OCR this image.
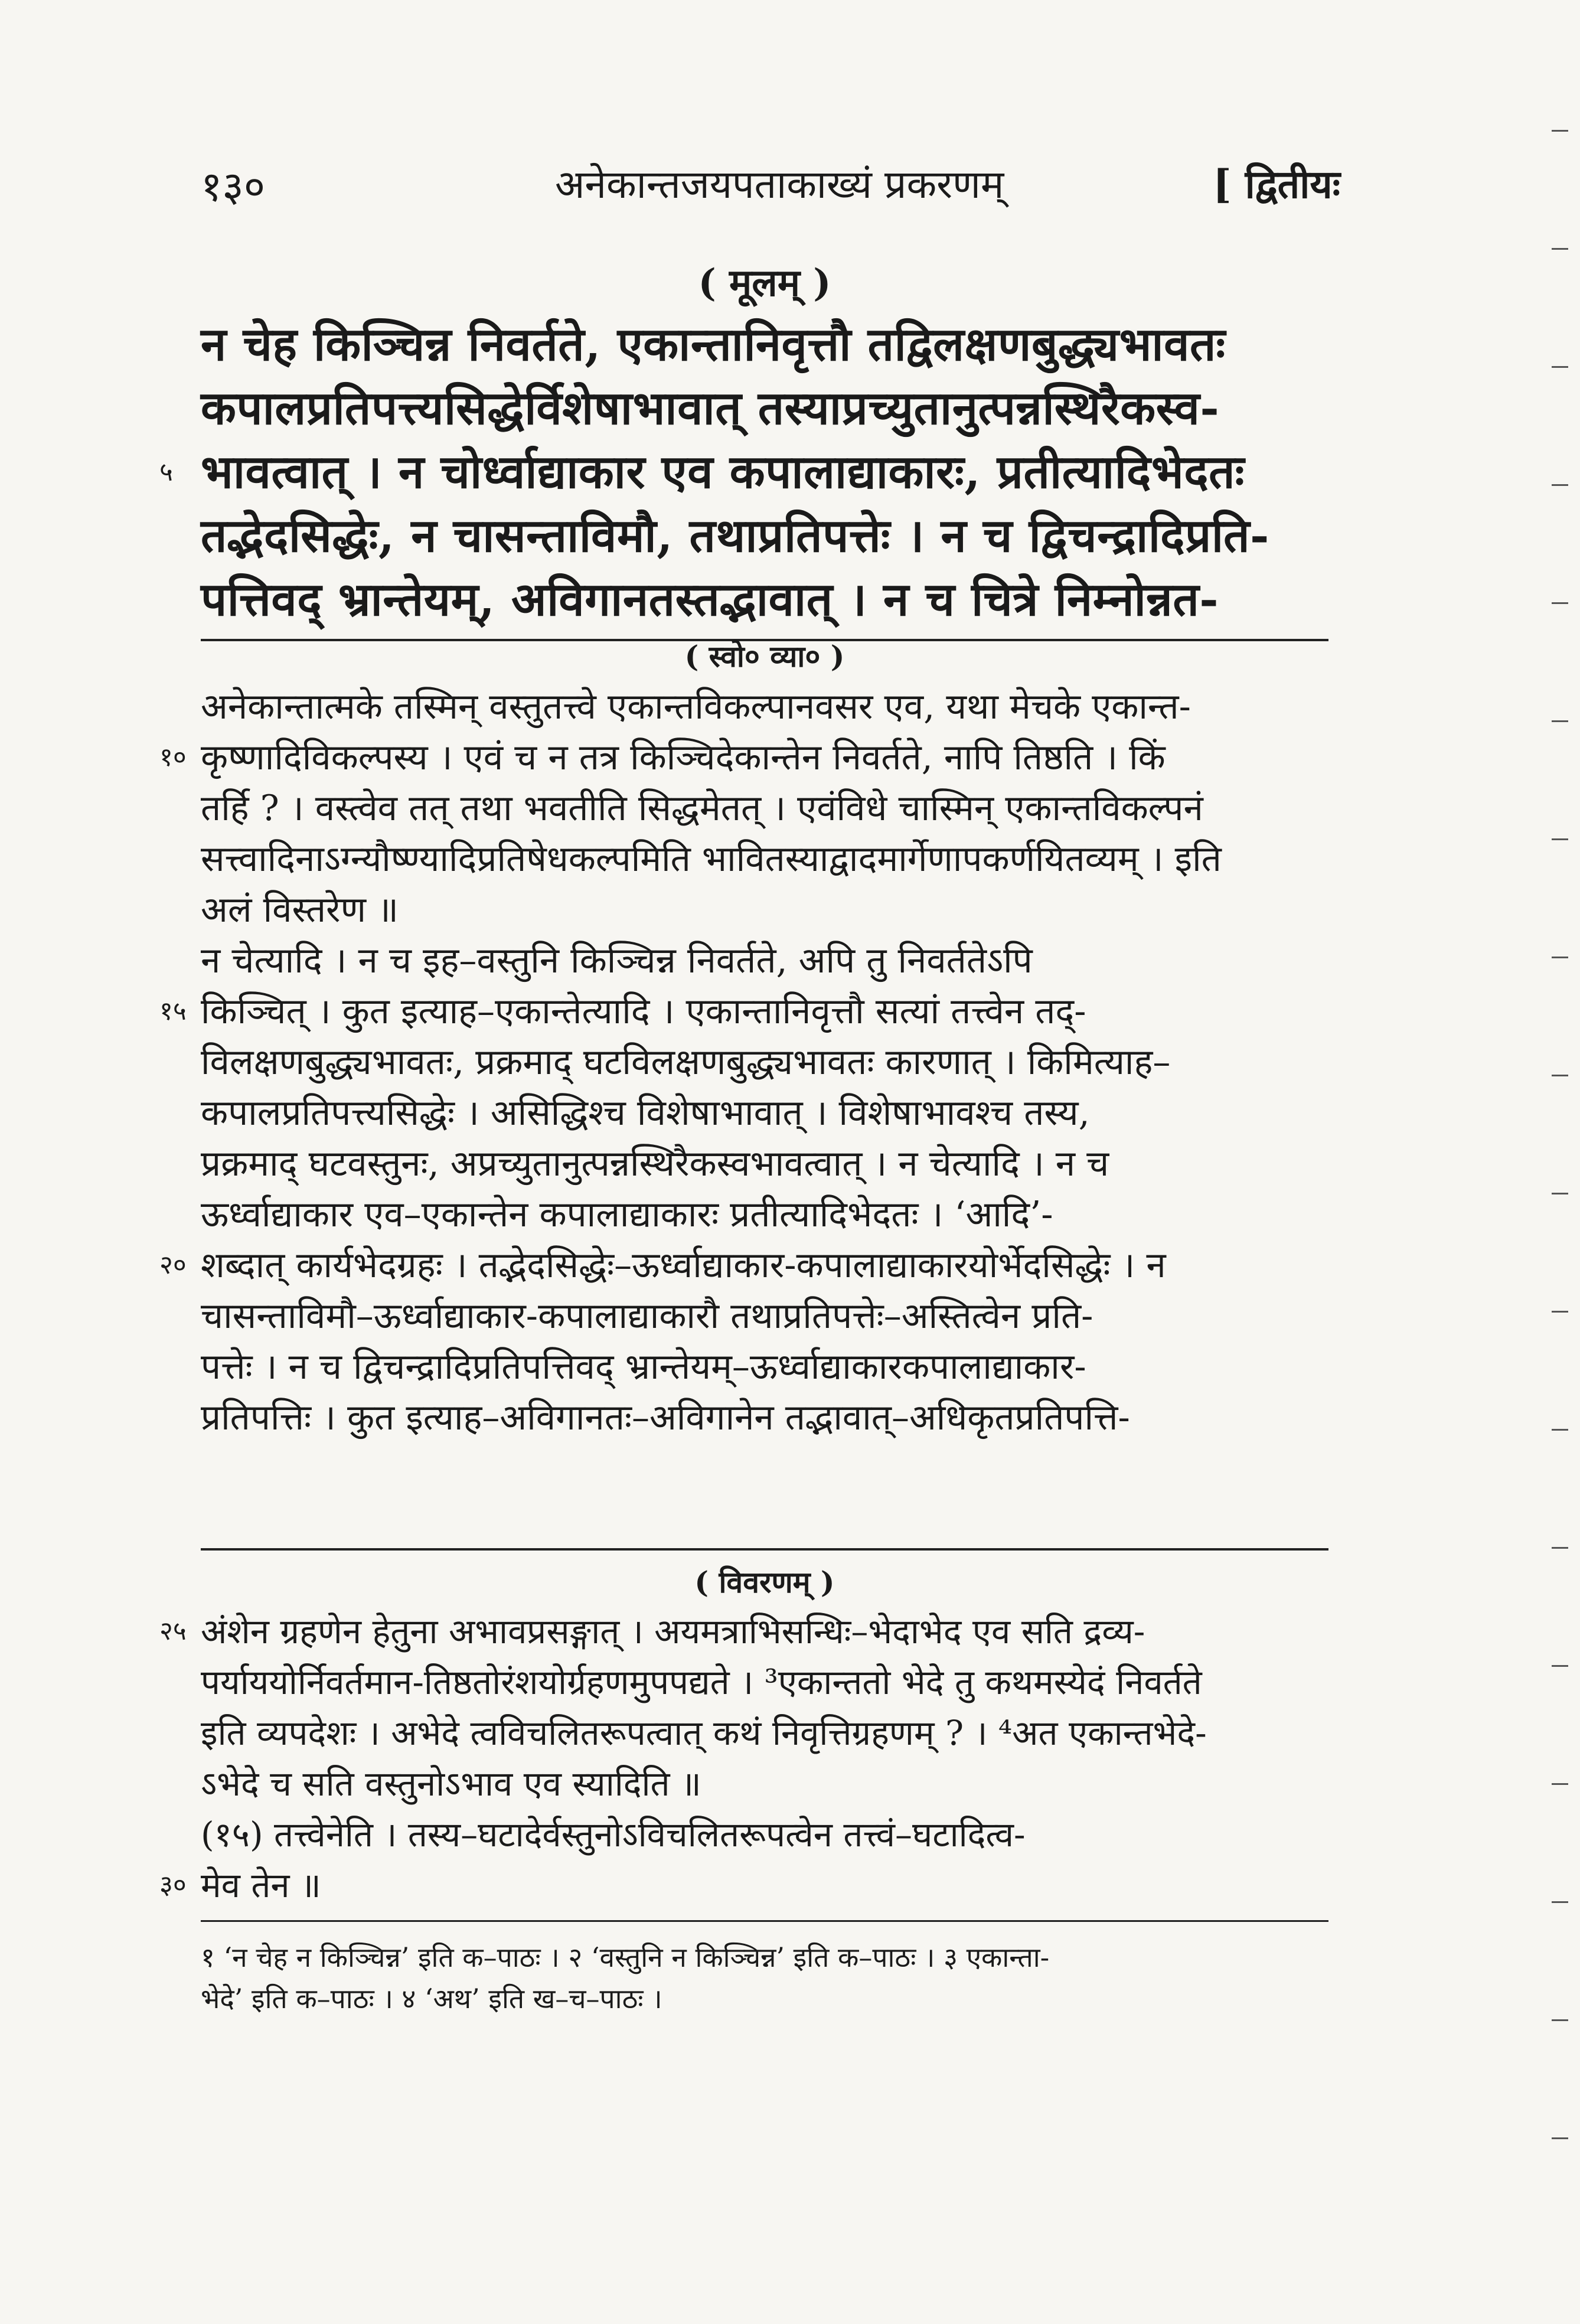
१३०	अनेकान्तजयपताकाख्यं प्रकरणम्	[ द्वितीयः
( मूलम् )
न चेह किञ्चिन्न निवर्तते, एकान्तानिवृत्तौ तद्विलक्षणबुद्ध्यभावतः
कपालप्रतिपत्त्यसिद्धेर्विशेषाभावात् तस्याप्रच्युतानुत्पन्नस्थिरैकस्व-
५ भावत्वात् । न चोर्ध्वाद्याकार एव कपालाद्याकारः, प्रतीत्यादिभेदतः
तद्भेदसिद्धेः, न चासन्ताविमौ, तथाप्रतिपत्तेः । न च द्विचन्द्रादिप्रति-
पत्तिवद् भ्रान्तेयम्, अविगानतस्तद्भावात् । न च चित्रे निम्नोन्नत-
( स्वो० व्या० )
अनेकान्तात्मके तस्मिन् वस्तुतत्त्वे एकान्तविकल्पानवसर एव, यथा मेचके एकान्त-
१० कृष्णादिविकल्पस्य । एवं च न तत्र किञ्चिदेकान्तेन निवर्तते, नापि तिष्ठति । किं
तर्हि ? । वस्त्वेव तत् तथा भवतीति सिद्धमेतत् । एवंविधे चास्मिन् एकान्तविकल्पनं
सत्त्वादिनाऽग्न्यौष्ण्यादिप्रतिषेधकल्पमिति भावितस्याद्वादमार्गेणापकर्णयितव्यम् । इति
अलं विस्तरेण ॥
न चेत्यादि । न च इह–वस्तुनि किञ्चिन्न निवर्तते, अपि तु निवर्ततेऽपि
१५ किञ्चित् । कुत इत्याह–एकान्तेत्यादि । एकान्तानिवृत्तौ सत्यां तत्त्वेन तद्-
विलक्षणबुद्ध्यभावतः, प्रक्रमाद् घटविलक्षणबुद्ध्यभावतः कारणात् । किमित्याह–
कपालप्रतिपत्त्यसिद्धेः । असिद्धिश्च विशेषाभावात् । विशेषाभावश्च तस्य,
प्रक्रमाद् घटवस्तुनः, अप्रच्युतानुत्पन्नस्थिरैकस्वभावत्वात् । न चेत्यादि । न च
ऊर्ध्वाद्याकार एव–एकान्तेन कपालाद्याकारः प्रतीत्यादिभेदतः । ‘आदि’-
२० शब्दात् कार्यभेदग्रहः । तद्भेदसिद्धेः–ऊर्ध्वाद्याकार-कपालाद्याकारयोर्भेदसिद्धेः । न
चासन्ताविमौ–ऊर्ध्वाद्याकार-कपालाद्याकारौ तथाप्रतिपत्तेः–अस्तित्वेन प्रति-
पत्तेः । न च द्विचन्द्रादिप्रतिपत्तिवद् भ्रान्तेयम्–ऊर्ध्वाद्याकारकपालाद्याकार-
प्रतिपत्तिः । कुत इत्याह–अविगानतः–अविगानेन तद्भावात्–अधिकृतप्रतिपत्ति-
( विवरणम् )
२५ अंशेन ग्रहणेन हेतुना अभावप्रसङ्गात् । अयमत्राभिसन्धिः–भेदाभेद एव सति द्रव्य-
पर्याययोर्निवर्तमान-तिष्ठतोरंशयोर्ग्रहणमुपपद्यते । ³एकान्ततो भेदे तु कथमस्येदं निवर्तते
इति व्यपदेशः । अभेदे त्वविचलितरूपत्वात् कथं निवृत्तिग्रहणम् ? । ⁴अत एकान्तभेदे-
ऽभेदे च सति वस्तुनोऽभाव एव स्यादिति ॥
(१५) तत्त्वेनेति । तस्य–घटादेर्वस्तुनोऽविचलितरूपत्वेन तत्त्वं–घटादित्व-
३० मेव तेन ॥
१ ‘न चेह न किञ्चिन्न’ इति क–पाठः । २ ‘वस्तुनि न किञ्चिन्न’ इति क–पाठः । ३ एकान्ता-
भेदे’ इति क–पाठः । ४ ‘अथ’ इति ख–च–पाठः ।
